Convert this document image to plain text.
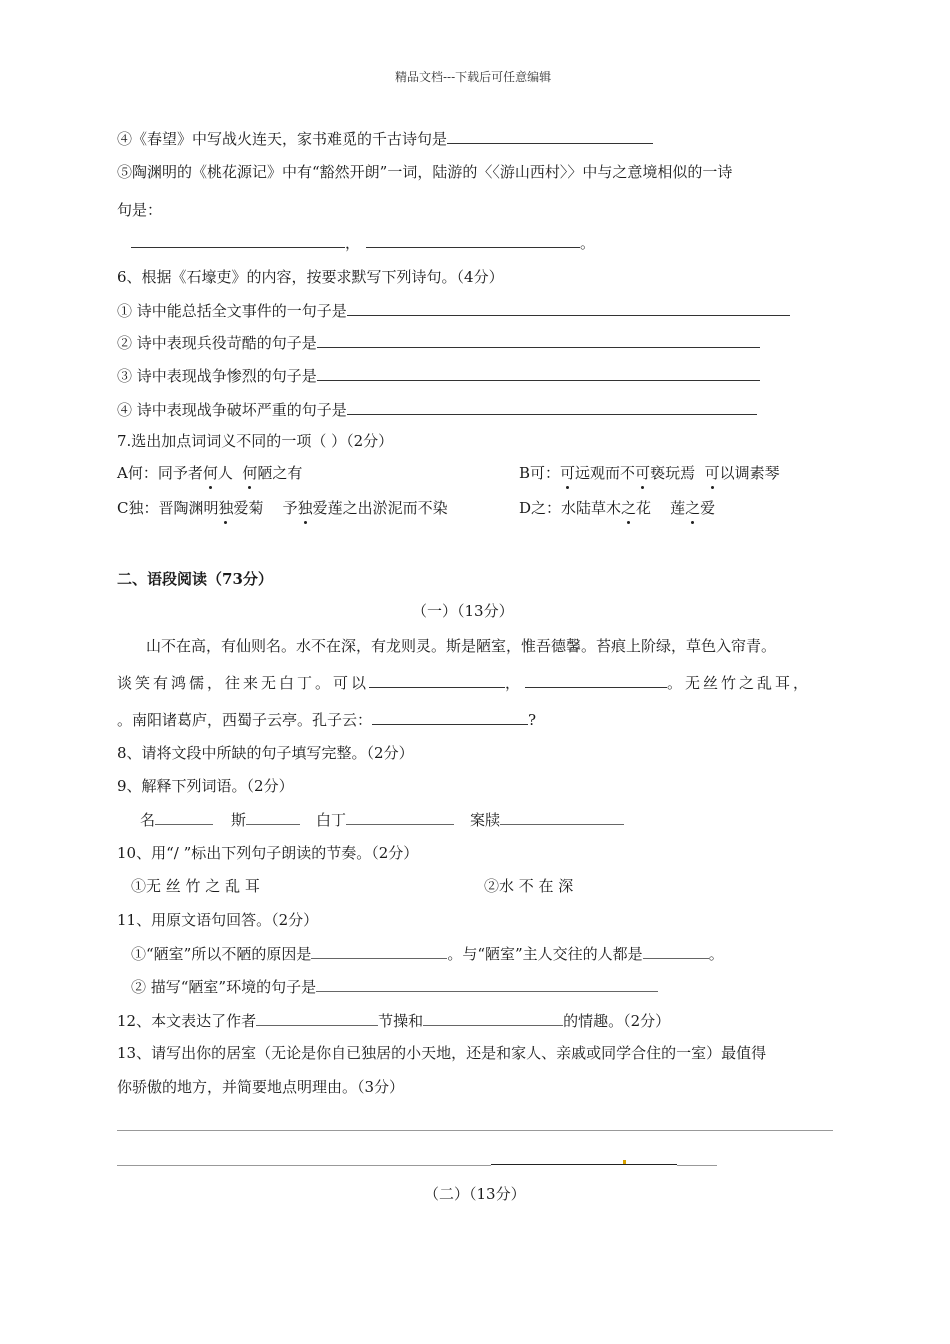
精品文档---下载后可任意编辑
④《春望》中写战火连天，家书难觅的千古诗句是
⑤陶渊明的《桃花源记》中有“豁然开朗”一词，陆游的〈〈游山西村〉〉中与之意境相似的一诗
句是：
，	。
6、根据《石壕吏》的内容，按要求默写下列诗句。（4分）
① 诗中能总括全文事件的一句子是
② 诗中表现兵役苛酷的句子是
③ 诗中表现战争惨烈的句子是
④ 诗中表现战争破坏严重的句子是
7.选出加点词词义不同的一项（ ）（2分）
A何：同予者何人  何陋之有	B可：可远观而不可亵玩焉  可以调素琴
C独：晋陶渊明独爱菊    予独爱莲之出淤泥而不染	D之：水陆草木之花    莲之爱
二、语段阅读（73分）
（一）（13分）
山不在高，有仙则名。水不在深，有龙则灵。斯是陋室，惟吾德馨。苔痕上阶绿，草色入帘青。
谈笑有鸿儒，往来无白丁。可以	，	。无丝竹之乱耳，
。南阳诸葛庐，西蜀子云亭。孔子云：	?
8、请将文段中所缺的句子填写完整。（2分）
9、解释下列词语。（2分）
名	斯	白丁	案牍
10、用“/ ”标出下列句子朗读的节奏。（2分）
①无 丝 竹 之 乱 耳	②水 不 在 深
11、用原文语句回答。（2分）
①“陋室”所以不陋的原因是	。与“陋室”主人交往的人都是	。
② 描写“陋室”环境的句子是
12、本文表达了作者	节操和	的情趣。（2分）
13、请写出你的居室（无论是你自已独居的小天地，还是和家人、亲戚或同学合住的一室）最值得
你骄傲的地方，并简要地点明理由。（3分）
（二）（13分）
